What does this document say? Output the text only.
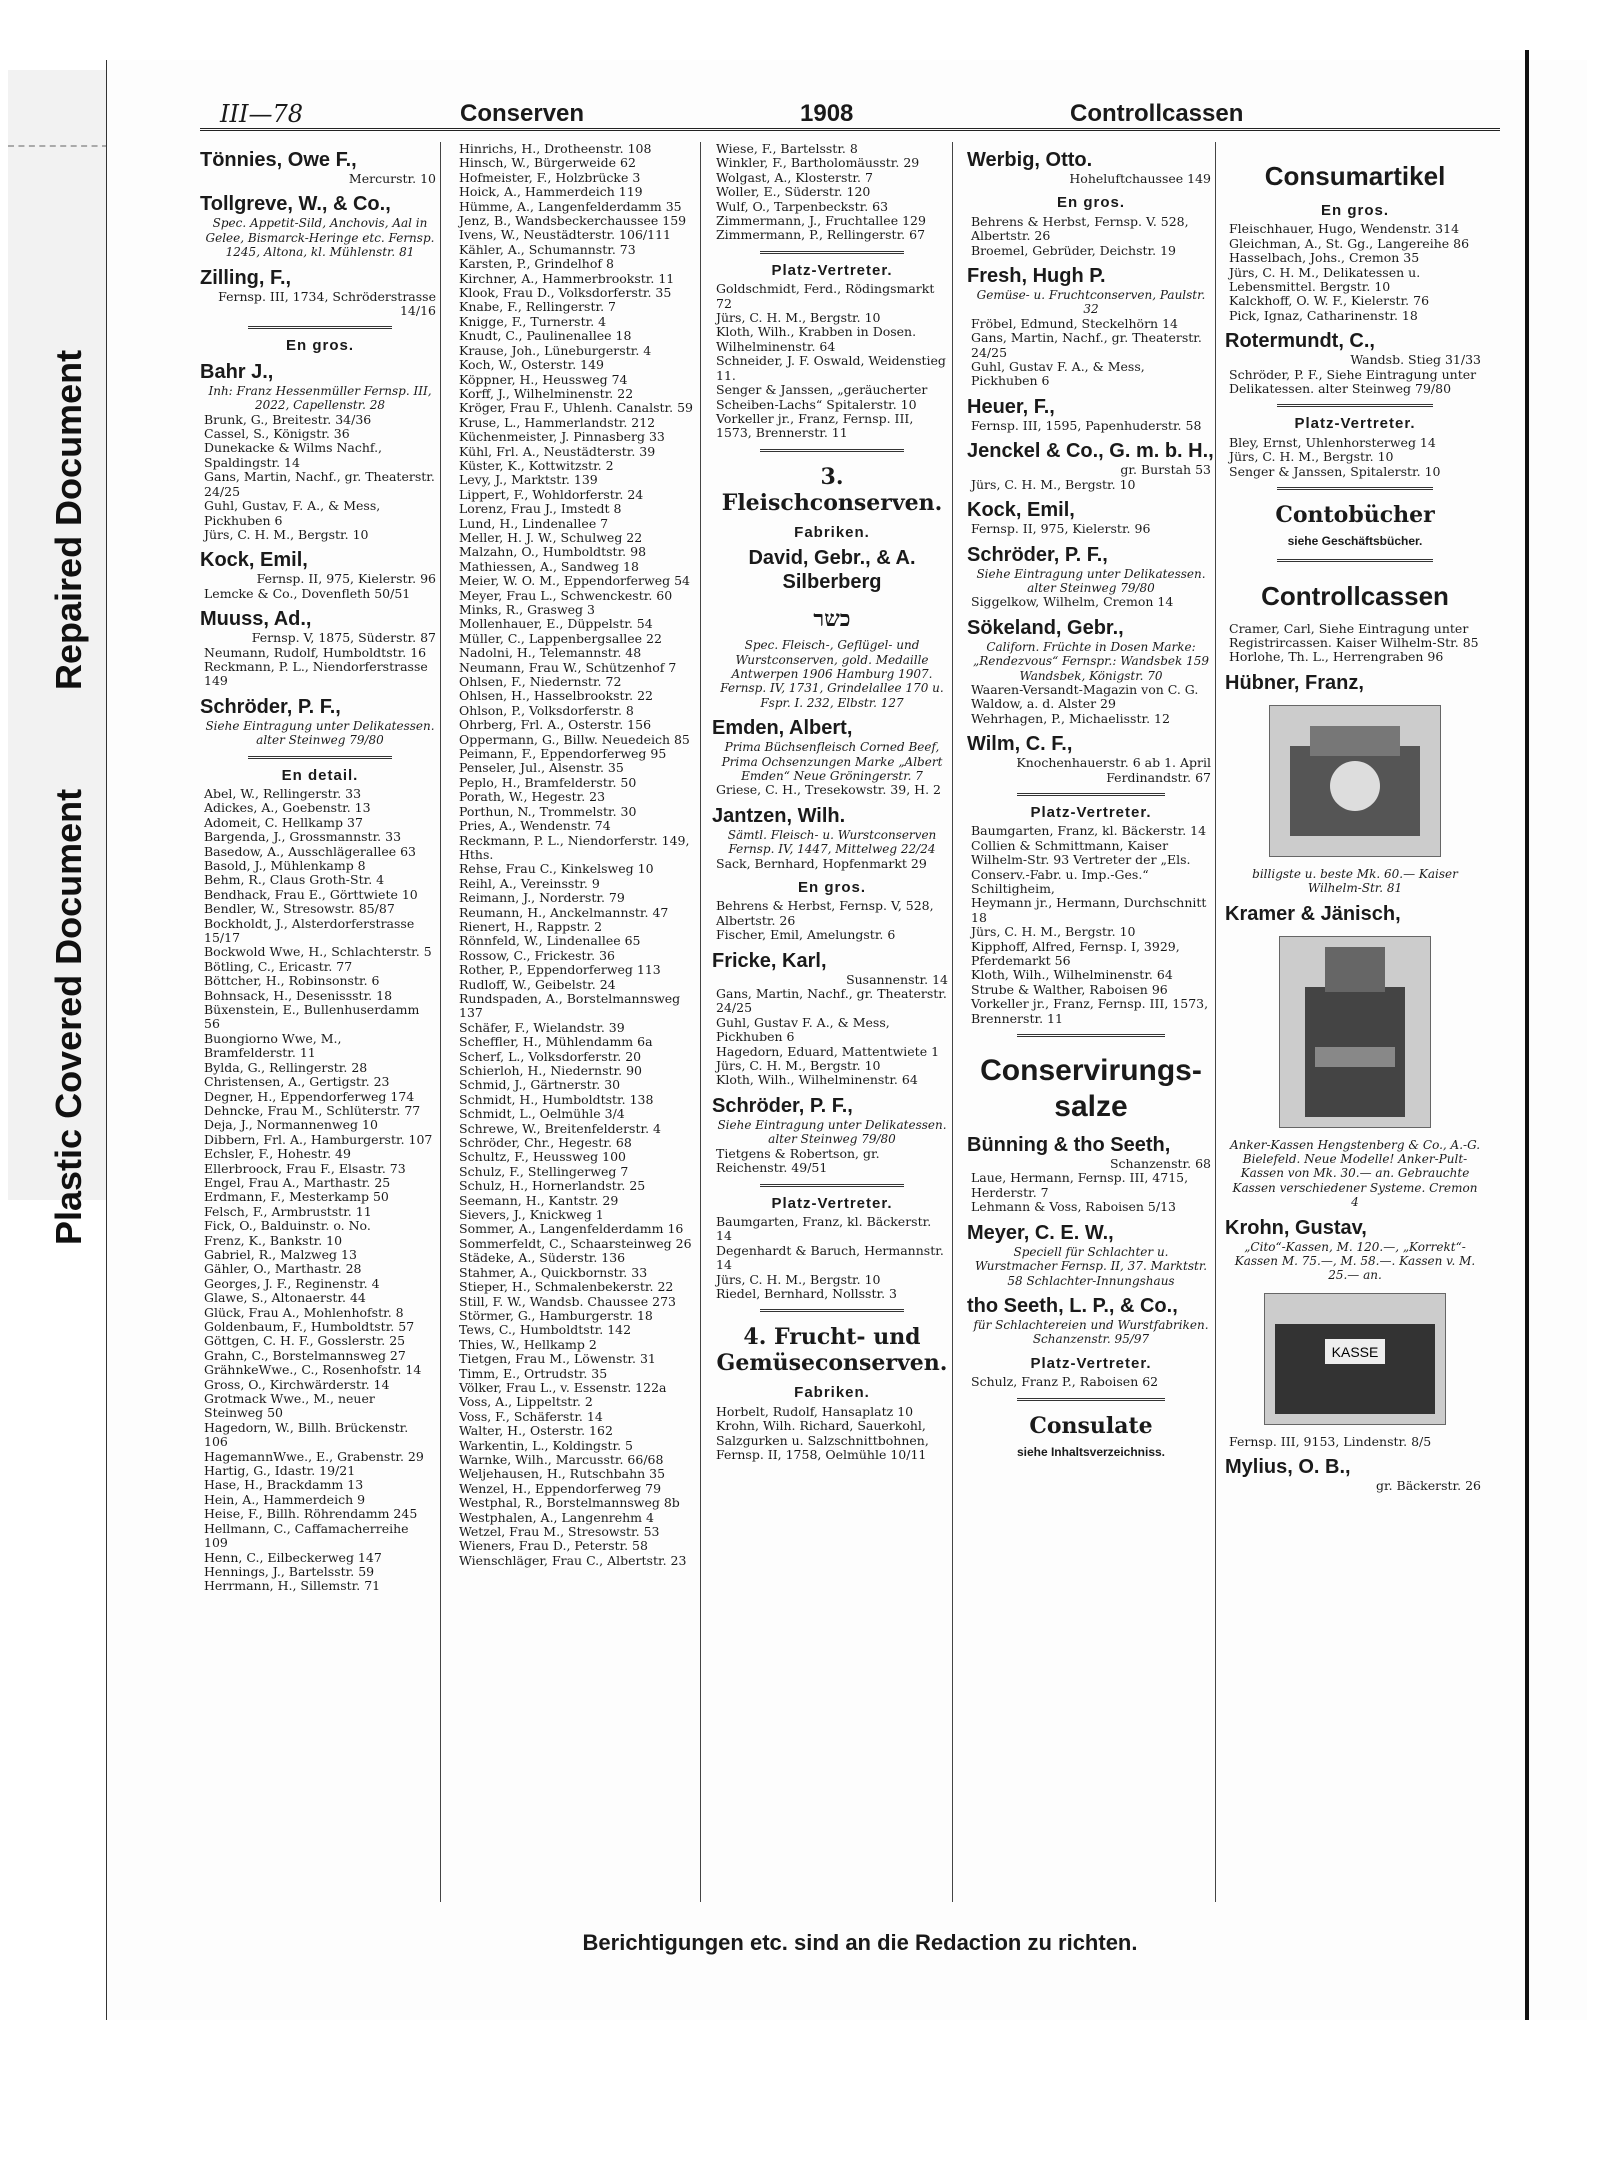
Plastic Covered Document
Repaired Document
III—78	Conserven	1908	Controllcassen
Tönnies, Owe F.,
Mercurstr. 10
Tollgreve, W., & Co.,
Spec. Appetit-Sild, Anchovis, Aal in Gelee, Bismarck-Heringe etc. Fernsp. 1245, Altona, kl. Mühlenstr. 81
Zilling, F.,
Fernsp. III, 1734, Schröderstrasse 14/16
En gros.
Bahr J.,
Inh: Franz Hessenmüller Fernsp. III, 2022, Capellenstr. 28
Brunk, G., Breitestr. 34/36
Cassel, S., Königstr. 36
Dunekacke & Wilms Nachf., Spaldingstr. 14
Gans, Martin, Nachf., gr. Theaterstr. 24/25
Guhl, Gustav, F. A., & Mess, Pickhuben 6
Jürs, C. H. M., Bergstr. 10
Kock, Emil,
Fernsp. II, 975, Kielerstr. 96
Lemcke & Co., Dovenfleth 50/51
Muuss, Ad.,
Fernsp. V, 1875, Süderstr. 87
Neumann, Rudolf, Humboldtstr. 16
Reckmann, P. L., Niendorferstrasse 149
Schröder, P. F.,
Siehe Eintragung unter Delikatessen. alter Steinweg 79/80
En detail.
Abel, W., Rellingerstr. 33
Adickes, A., Goebenstr. 13
Adomeit, C. Hellkamp 37
Bargenda, J., Grossmannstr. 33
Basedow, A., Ausschlägerallee 63
Basold, J., Mühlenkamp 8
Behm, R., Claus Groth-Str. 4
Bendhack, Frau E., Görttwiete 10
Bendler, W., Stresowstr. 85/87
Bockholdt, J., Alsterdorferstrasse 15/17
Bockwold Wwe, H., Schlachterstr. 5
Bötling, C., Ericastr. 77
Böttcher, H., Robinsonstr. 6
Bohnsack, H., Desenissstr. 18
Büxenstein, E., Bullenhuserdamm 56
Buongiorno Wwe, M., Bramfelderstr. 11
Bylda, G., Rellingerstr. 28
Christensen, A., Gertigstr. 23
Degner, H., Eppendorferweg 174
Dehncke, Frau M., Schlüterstr. 77
Deja, J., Normannenweg 10
Dibbern, Frl. A., Hamburgerstr. 107
Echsler, F., Hohestr. 49
Ellerbroock, Frau F., Elsastr. 73
Engel, Frau A., Marthastr. 25
Erdmann, F., Mesterkamp 50
Felsch, F., Armbruststr. 11
Fick, O., Balduinstr. o. No.
Frenz, K., Bankstr. 10
Gabriel, R., Malzweg 13
Gähler, O., Marthastr. 28
Georges, J. F., Reginenstr. 4
Glawe, S., Altonaerstr. 44
Glück, Frau A., Mohlenhofstr. 8
Goldenbaum, F., Humboldtstr. 57
Göttgen, C. H. F., Gosslerstr. 25
Grahn, C., Borstelmannsweg 27
GrähnkeWwe., C., Rosenhofstr. 14
Gross, O., Kirchwärderstr. 14
Grotmack Wwe., M., neuer Steinweg 50
Hagedorn, W., Billh. Brückenstr. 106
HagemannWwe., E., Grabenstr. 29
Hartig, G., Idastr. 19/21
Hase, H., Brackdamm 13
Hein, A., Hammerdeich 9
Heise, F., Billh. Röhrendamm 245
Hellmann, C., Caffamacherreihe 109
Henn, C., Eilbeckerweg 147
Hennings, J., Bartelsstr. 59
Herrmann, H., Sillemstr. 71
Hinrichs, H., Drotheenstr. 108
Hinsch, W., Bürgerweide 62
Hofmeister, F., Holzbrücke 3
Hoick, A., Hammerdeich 119
Hümme, A., Langenfelderdamm 35
Jenz, B., Wandsbeckerchaussee 159
Ivens, W., Neustädterstr. 106/111
Kähler, A., Schumannstr. 73
Karsten, P., Grindelhof 8
Kirchner, A., Hammerbrookstr. 11
Klook, Frau D., Volksdorferstr. 35
Knabe, F., Rellingerstr. 7
Knigge, F., Turnerstr. 4
Knudt, C., Paulinenallee 18
Krause, Joh., Lüneburgerstr. 4
Koch, W., Osterstr. 149
Köppner, H., Heussweg 74
Korff, J., Wilhelminenstr. 22
Kröger, Frau F., Uhlenh. Canalstr. 59
Kruse, L., Hammerlandstr. 212
Küchenmeister, J. Pinnasberg 33
Kühl, Frl. A., Neustädterstr. 39
Küster, K., Kottwitzstr. 2
Levy, J., Marktstr. 139
Lippert, F., Wohldorferstr. 24
Lorenz, Frau J., Imstedt 8
Lund, H., Lindenallee 7
Meller, H. J. W., Schulweg 22
Malzahn, O., Humboldtstr. 98
Mathiessen, A., Sandweg 18
Meier, W. O. M., Eppendorferweg 54
Meyer, Frau L., Schwenckestr. 60
Minks, R., Grasweg 3
Mollenhauer, E., Düppelstr. 54
Müller, C., Lappenbergsallee 22
Nadolni, H., Telemannstr. 48
Neumann, Frau W., Schützenhof 7
Ohlsen, F., Niedernstr. 72
Ohlsen, H., Hasselbrookstr. 22
Ohlson, P., Volksdorferstr. 8
Ohrberg, Frl. A., Osterstr. 156
Oppermann, G., Billw. Neuedeich 85
Peimann, F., Eppendorferweg 95
Penseler, Jul., Alsenstr. 35
Peplo, H., Bramfelderstr. 50
Porath, W., Hegestr. 23
Porthun, N., Trommelstr. 30
Pries, A., Wendenstr. 74
Reckmann, P. L., Niendorferstr. 149, Hths.
Rehse, Frau C., Kinkelsweg 10
Reihl, A., Vereinsstr. 9
Reimann, J., Norderstr. 79
Reumann, H., Anckelmannstr. 47
Rienert, H., Rappstr. 2
Rönnfeld, W., Lindenallee 65
Rossow, C., Frickestr. 36
Rother, P., Eppendorferweg 113
Rudloff, W., Geibelstr. 24
Rundspaden, A., Borstelmannsweg 137
Schäfer, F., Wielandstr. 39
Scheffler, H., Mühlendamm 6a
Scherf, L., Volksdorferstr. 20
Schierloh, H., Niedernstr. 90
Schmid, J., Gärtnerstr. 30
Schmidt, H., Humboldtstr. 138
Schmidt, L., Oelmühle 3/4
Schrewe, W., Breitenfelderstr. 4
Schröder, Chr., Hegestr. 68
Schultz, F., Heussweg 100
Schulz, F., Stellingerweg 7
Schulz, H., Hornerlandstr. 25
Seemann, H., Kantstr. 29
Sievers, J., Knickweg 1
Sommer, A., Langenfelderdamm 16
Sommerfeldt, C., Schaarsteinweg 26
Städeke, A., Süderstr. 136
Stahmer, A., Quickbornstr. 33
Stieper, H., Schmalenbekerstr. 22
Still, F. W., Wandsb. Chaussee 273
Störmer, G., Hamburgerstr. 18
Tews, C., Humboldtstr. 142
Thies, W., Hellkamp 2
Tietgen, Frau M., Löwenstr. 31
Timm, E., Ortrudstr. 35
Völker, Frau L., v. Essenstr. 122a
Voss, A., Lippeltstr. 2
Voss, F., Schäferstr. 14
Walter, H., Osterstr. 162
Warkentin, L., Koldingstr. 5
Warnke, Wilh., Marcusstr. 66/68
Weljehausen, H., Rutschbahn 35
Wenzel, H., Eppendorferweg 79
Westphal, R., Borstelmannsweg 8b
Westphalen, A., Langenrehm 4
Wetzel, Frau M., Stresowstr. 53
Wieners, Frau D., Peterstr. 58
Wienschläger, Frau C., Albertstr. 23
Wiese, F., Bartelsstr. 8
Winkler, F., Bartholomäusstr. 29
Wolgast, A., Klosterstr. 7
Woller, E., Süderstr. 120
Wulf, O., Tarpenbeckstr. 63
Zimmermann, J., Fruchtallee 129
Zimmermann, P., Rellingerstr. 67
Platz-Vertreter.
Goldschmidt, Ferd., Rödingsmarkt 72
Jürs, C. H. M., Bergstr. 10
Kloth, Wilh., Krabben in Dosen. Wilhelminenstr. 64
Schneider, J. F. Oswald, Weidenstieg 11.
Senger & Janssen, „geräucherter Scheiben-Lachs“ Spitalerstr. 10
Vorkeller jr., Franz, Fernsp. III, 1573, Brennerstr. 11
3. Fleischconserven.
Fabriken.
David, Gebr., & A. Silberberg
כשר
Spec. Fleisch-, Geflügel- und Wurstconserven, gold. Medaille Antwerpen 1906 Hamburg 1907. Fernsp. IV, 1731, Grindelallee 170 u. Fspr. I. 232, Elbstr. 127
Emden, Albert,
Prima Büchsenfleisch Corned Beef, Prima Ochsenzungen Marke „Albert Emden“ Neue Gröningerstr. 7
Griese, C. H., Tresekowstr. 39, H. 2
Jantzen, Wilh.
Sämtl. Fleisch- u. Wurstconserven Fernsp. IV, 1447, Mittelweg 22/24
Sack, Bernhard, Hopfenmarkt 29
En gros.
Behrens & Herbst, Fernsp. V, 528, Albertstr. 26
Fischer, Emil, Amelungstr. 6
Fricke, Karl,
Susannenstr. 14
Gans, Martin, Nachf., gr. Theaterstr. 24/25
Guhl, Gustav F. A., & Mess, Pickhuben 6
Hagedorn, Eduard, Mattentwiete 1
Jürs, C. H. M., Bergstr. 10
Kloth, Wilh., Wilhelminenstr. 64
Schröder, P. F.,
Siehe Eintragung unter Delikatessen. alter Steinweg 79/80
Tietgens & Robertson, gr. Reichenstr. 49/51
Platz-Vertreter.
Baumgarten, Franz, kl. Bäckerstr. 14
Degenhardt & Baruch, Hermannstr. 14
Jürs, C. H. M., Bergstr. 10
Riedel, Bernhard, Nollsstr. 3
4. Frucht- und Gemüseconserven.
Fabriken.
Horbelt, Rudolf, Hansaplatz 10
Krohn, Wilh. Richard, Sauerkohl, Salzgurken u. Salzschnittbohnen, Fernsp. II, 1758, Oelmühle 10/11
Werbig, Otto.
Hoheluftchaussee 149
En gros.
Behrens & Herbst, Fernsp. V. 528, Albertstr. 26
Broemel, Gebrüder, Deichstr. 19
Fresh, Hugh P.
Gemüse- u. Fruchtconserven, Paulstr. 32
Fröbel, Edmund, Steckelhörn 14
Gans, Martin, Nachf., gr. Theaterstr. 24/25
Guhl, Gustav F. A., & Mess, Pickhuben 6
Heuer, F.,
Fernsp. III, 1595, Papenhuderstr. 58
Jenckel & Co., G. m. b. H.,
gr. Burstah 53
Jürs, C. H. M., Bergstr. 10
Kock, Emil,
Fernsp. II, 975, Kielerstr. 96
Schröder, P. F.,
Siehe Eintragung unter Delikatessen. alter Steinweg 79/80
Siggelkow, Wilhelm, Cremon 14
Sökeland, Gebr.,
Californ. Früchte in Dosen Marke: „Rendezvous“ Fernspr.: Wandsbek 159 Wandsbek, Königstr. 70
Waaren-Versandt-Magazin von C. G. Waldow, a. d. Alster 29
Wehrhagen, P., Michaelisstr. 12
Wilm, C. F.,
Knochenhauerstr. 6 ab 1. April Ferdinandstr. 67
Platz-Vertreter.
Baumgarten, Franz, kl. Bäckerstr. 14
Collien & Schmittmann, Kaiser Wilhelm-Str. 93 Vertreter der „Els. Conserv.-Fabr. u. Imp.-Ges.“ Schiltigheim,
Heymann jr., Hermann, Durchschnitt 18
Jürs, C. H. M., Bergstr. 10
Kipphoff, Alfred, Fernsp. I, 3929, Pferdemarkt 56
Kloth, Wilh., Wilhelminenstr. 64
Strube & Walther, Raboisen 96
Vorkeller jr., Franz, Fernsp. III, 1573, Brennerstr. 11
Conservirungs-salze
Bünning & tho Seeth,
Schanzenstr. 68
Laue, Hermann, Fernsp. III, 4715, Herderstr. 7
Lehmann & Voss, Raboisen 5/13
Meyer, C. E. W.,
Speciell für Schlachter u. Wurstmacher Fernsp. II, 37. Marktstr. 58 Schlachter-Innungshaus
tho Seeth, L. P., & Co.,
für Schlachtereien und Wurstfabriken. Schanzenstr. 95/97
Platz-Vertreter.
Schulz, Franz P., Raboisen 62
Consulate
siehe Inhaltsverzeichniss.
Consumartikel
En gros.
Fleischhauer, Hugo, Wendenstr. 314
Gleichman, A., St. Gg., Langereihe 86
Hasselbach, Johs., Cremon 35
Jürs, C. H. M., Delikatessen u. Lebensmittel. Bergstr. 10
Kalckhoff, O. W. F., Kielerstr. 76
Pick, Ignaz, Catharinenstr. 18
Rotermundt, C.,
Wandsb. Stieg 31/33
Schröder, P. F., Siehe Eintragung unter Delikatessen. alter Steinweg 79/80
Platz-Vertreter.
Bley, Ernst, Uhlenhorsterweg 14
Jürs, C. H. M., Bergstr. 10
Senger & Janssen, Spitalerstr. 10
Contobücher
siehe Geschäftsbücher.
Controllcassen
Cramer, Carl, Siehe Eintragung unter Registrircassen. Kaiser Wilhelm-Str. 85
Horlohe, Th. L., Herrengraben 96
Hübner, Franz,
billigste u. beste Mk. 60.— Kaiser Wilhelm-Str. 81
Kramer & Jänisch,
Anker-Kassen Hengstenberg & Co., A.-G. Bielefeld. Neue Modelle! Anker-Pult-Kassen von Mk. 30.— an. Gebrauchte Kassen verschiedener Systeme. Cremon 4
Krohn, Gustav,
„Cito“-Kassen, M. 120.—, „Korrekt“-Kassen M. 75.—, M. 58.—. Kassen v. M. 25.— an.
KASSE
Fernsp. III, 9153, Lindenstr. 8/5
Mylius, O. B.,
gr. Bäckerstr. 26
Berichtigungen etc. sind an die Redaction zu richten.
